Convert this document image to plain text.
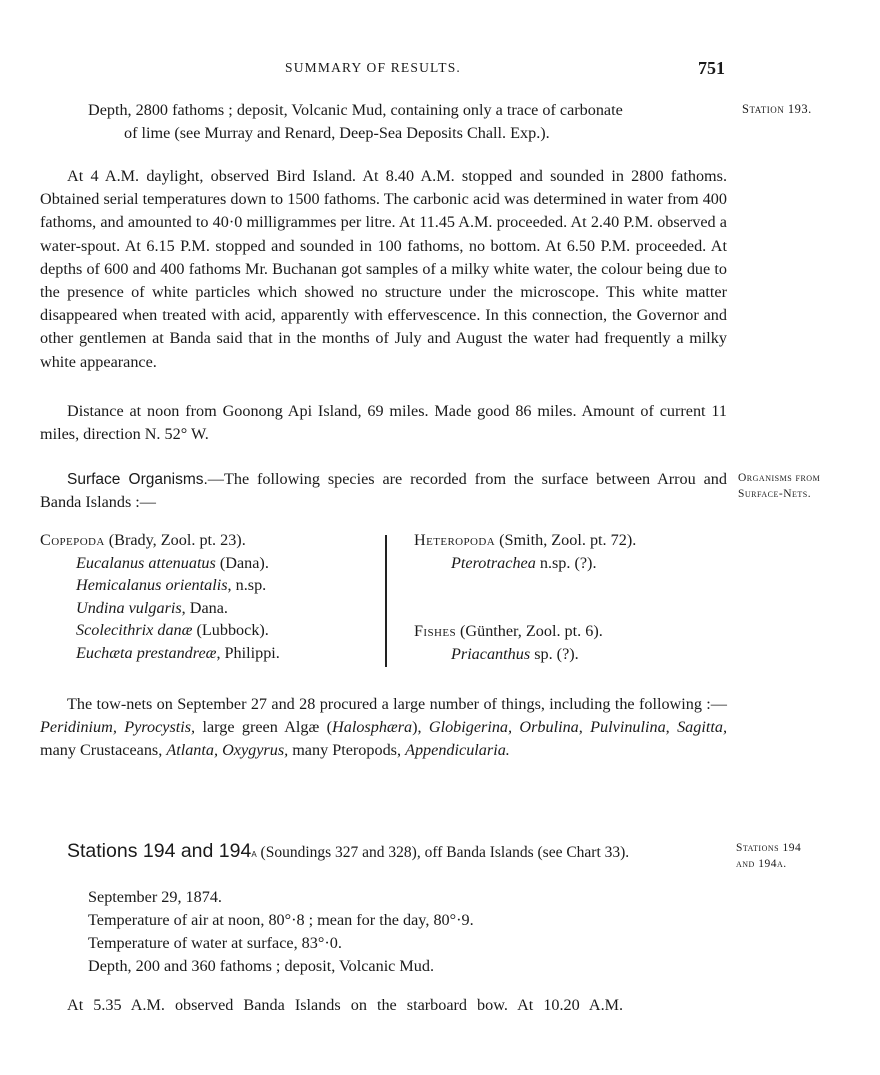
SUMMARY OF RESULTS.	751
Station 193.
Depth, 2800 fathoms ; deposit, Volcanic Mud, containing only a trace of carbonate
of lime (see Murray and Renard, Deep-Sea Deposits Chall. Exp.).
At 4 A.M. daylight, observed Bird Island. At 8.40 A.M. stopped and sounded in 2800 fathoms. Obtained serial temperatures down to 1500 fathoms. The carbonic acid was determined in water from 400 fathoms, and amounted to 40·0 milligrammes per litre. At 11.45 A.M. proceeded. At 2.40 P.M. observed a water-spout. At 6.15 P.M. stopped and sounded in 100 fathoms, no bottom. At 6.50 P.M. proceeded. At depths of 600 and 400 fathoms Mr. Buchanan got samples of a milky white water, the colour being due to the presence of white particles which showed no structure under the microscope. This white matter disappeared when treated with acid, apparently with effervescence. In this connection, the Governor and other gentlemen at Banda said that in the months of July and August the water had frequently a milky white appearance.
Distance at noon from Goonong Api Island, 69 miles. Made good 86 miles. Amount of current 11 miles, direction N. 52° W.
Organisms from
Surface-Nets.
Surface Organisms.—The following species are recorded from the surface between Arrou and Banda Islands :—
Copepoda (Brady, Zool. pt. 23).
Eucalanus attenuatus (Dana).
Hemicalanus orientalis, n.sp.
Undina vulgaris, Dana.
Scolecithrix danæ (Lubbock).
Euchæta prestandreæ, Philippi.
Heteropoda (Smith, Zool. pt. 72).
Pterotrachea n.sp. (?).
Fishes (Günther, Zool. pt. 6).
Priacanthus sp. (?).
The tow-nets on September 27 and 28 procured a large number of things, including the following :—Peridinium, Pyrocystis, large green Algæ (Halosphæra), Globigerina, Orbulina, Pulvinulina, Sagitta, many Crustaceans, Atlanta, Oxygyrus, many Pteropods, Appendicularia.
Stations 194
and 194a.
Stations 194 and 194a (Soundings 327 and 328), off Banda Islands (see Chart 33).
September 29, 1874.
Temperature of air at noon, 80°·8 ; mean for the day, 80°·9.
Temperature of water at surface, 83°·0.
Depth, 200 and 360 fathoms ; deposit, Volcanic Mud.
At 5.35 A.M. observed Banda Islands on the starboard bow. At 10.20 A.M.
